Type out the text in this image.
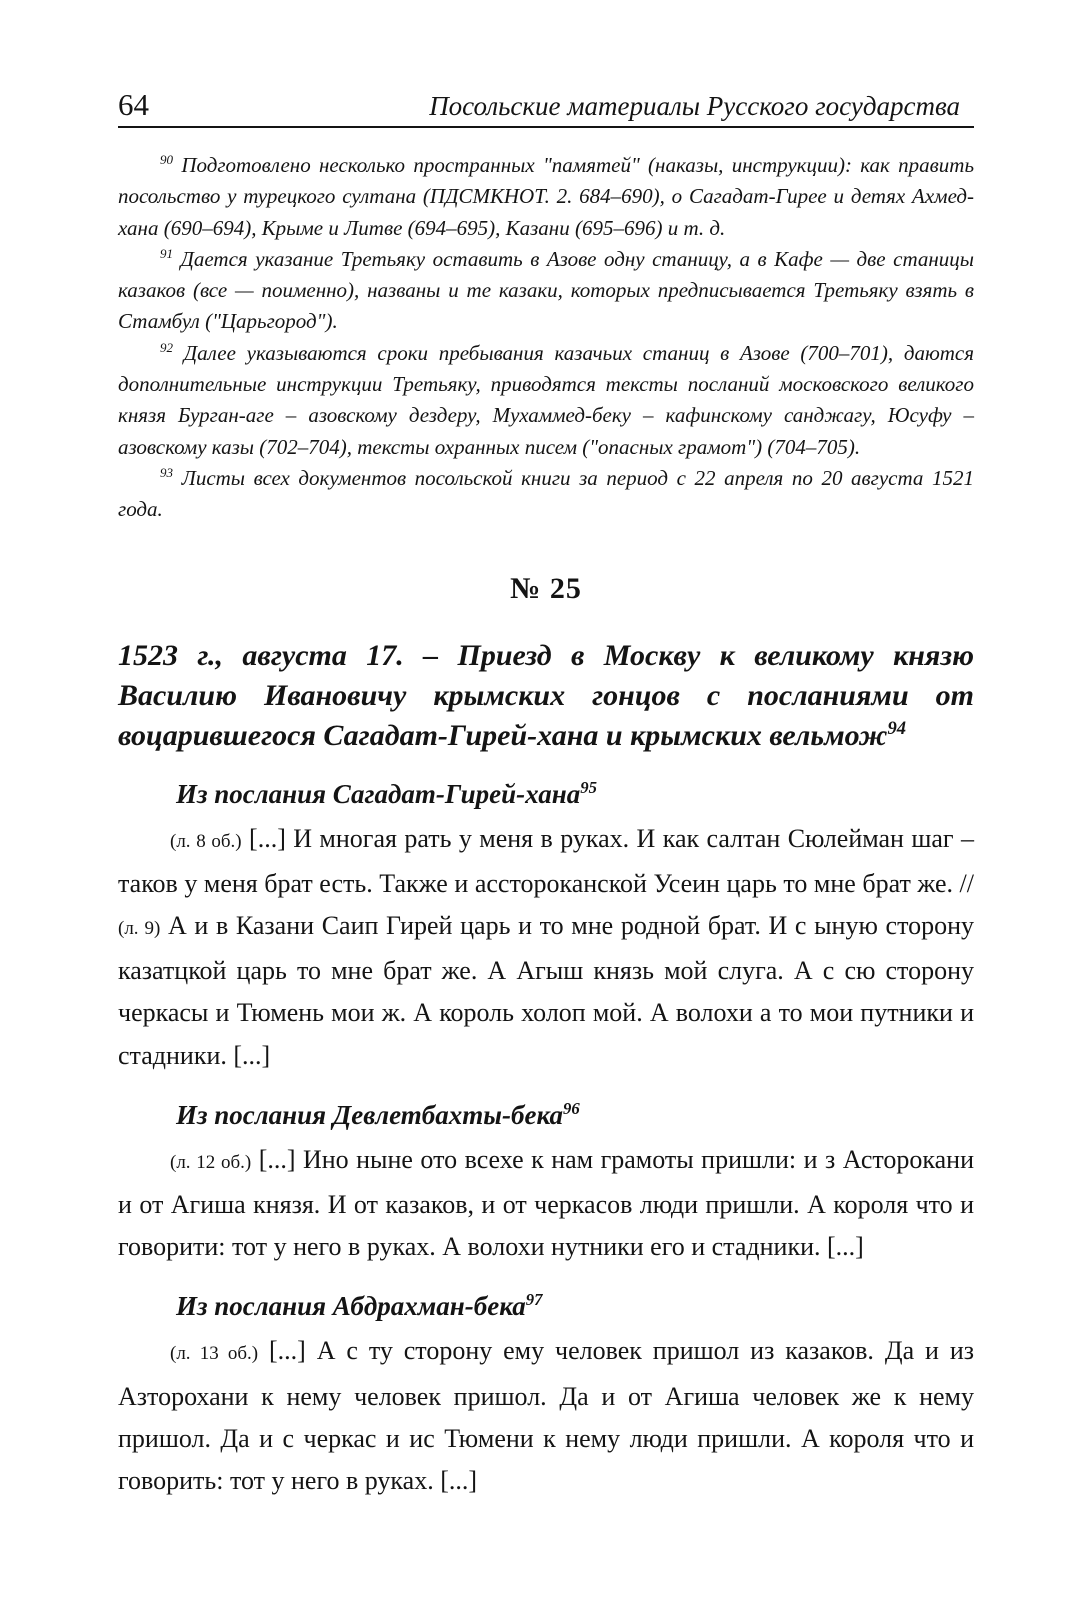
64	Посольские материалы Русского государства

$^{90}$ Подготовлено несколько пространных "памятей" (наказы, инструкции): как править посольство у турецкого султана (ПДСМКНОТ. 2. 684–690), о Сагадат-Гирее и детях Ахмед-хана (690–694), Крыме и Литве (694–695), Казани (695–696) и т. д.

$^{91}$ Дается указание Третьяку оставить в Азове одну станицу, а в Кафе — две станицы казаков (все — поименно), названы и те казаки, которых предписывается Третьяку взять в Стамбул ("Царьгород").

$^{92}$ Далее указываются сроки пребывания казачьих станиц в Азове (700–701), даются дополнительные инструкции Третьяку, приводятся тексты посланий московского великого князя Бурган-аге – азовскому дездеру, Мухаммед-беку – кафинскому санджагу, Юсуфу – азовскому казы (702–704), тексты охранных писем ("опасных грамот") (704–705).

$^{93}$ Листы всех документов посольской книги за период с 22 апреля по 20 августа 1521 года.

№ 25

1523 г., августа 17. – Приезд в Москву к великому князю Василию Ивановичу крымских гонцов с посланиями от воцарившегося Сагадат-Гирей-хана и крымских вельмож$^{94}$

Из послания Сагадат-Гирей-хана$^{95}$

(л. 8 об.) [...] И многая рать у меня в руках. И как салтан Сюлейман шаг – таков у меня брат есть. Также и асстороканской Усеин царь то мне брат же. // (л. 9) А и в Казани Саип Гирей царь и то мне родной брат. И с ыную сторону казатцкой царь то мне брат же. А Агыш князь мой слуга. А с сю сторону черкасы и Тюмень мои ж. А король холоп мой. А волохи а то мои путники и стадники. [...]

Из послания Девлетбахты-бека$^{96}$

(л. 12 об.) [...] Ино ныне ото всехе к нам грамоты пришли: и з Асторокани и от Агиша князя. И от казаков, и от черкасов люди пришли. А короля что и говорити: тот у него в руках. А волохи нутники его и стадники. [...]

Из послания Абдрахман-бека$^{97}$

(л. 13 об.) [...] А с ту сторону ему человек пришол из казаков. Да и из Азторохани к нему человек пришол. Да и от Агиша человек же к нему пришол. Да и с черкас и ис Тюмени к нему люди пришли. А короля что и говорить: тот у него в руках. [...]
